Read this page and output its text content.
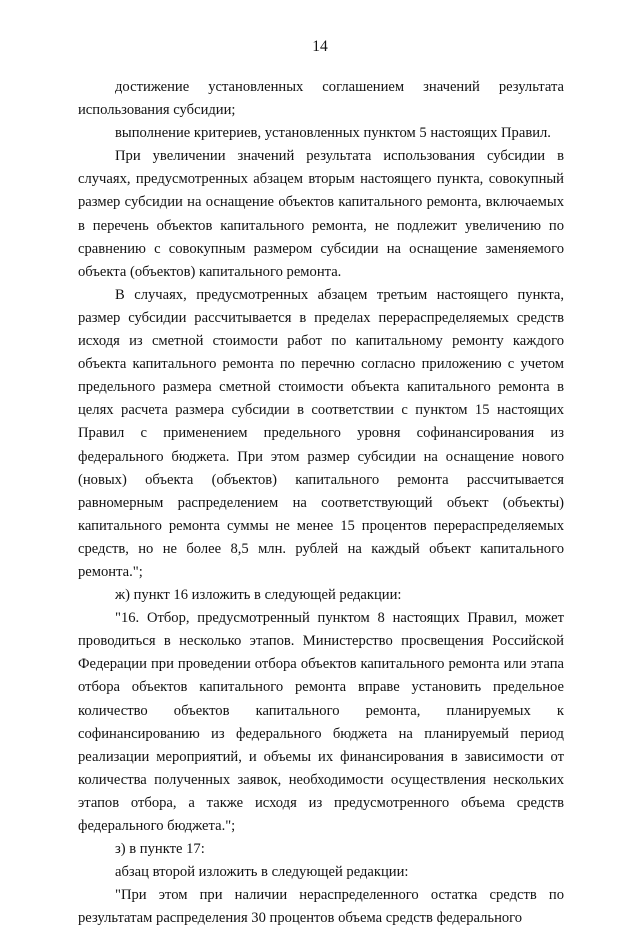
14

достижение установленных соглашением значений результата использования субсидии;

выполнение критериев, установленных пунктом 5 настоящих Правил.

При увеличении значений результата использования субсидии в случаях, предусмотренных абзацем вторым настоящего пункта, совокупный размер субсидии на оснащение объектов капитального ремонта, включаемых в перечень объектов капитального ремонта, не подлежит увеличению по сравнению с совокупным размером субсидии на оснащение заменяемого объекта (объектов) капитального ремонта.

В случаях, предусмотренных абзацем третьим настоящего пункта, размер субсидии рассчитывается в пределах перераспределяемых средств исходя из сметной стоимости работ по капитальному ремонту каждого объекта капитального ремонта по перечню согласно приложению с учетом предельного размера сметной стоимости объекта капитального ремонта в целях расчета размера субсидии в соответствии с пунктом 15 настоящих Правил с применением предельного уровня софинансирования из федерального бюджета. При этом размер субсидии на оснащение нового (новых) объекта (объектов) капитального ремонта рассчитывается равномерным распределением на соответствующий объект (объекты) капитального ремонта суммы не менее 15 процентов перераспределяемых средств, но не более 8,5 млн. рублей на каждый объект капитального ремонта.";

ж) пункт 16 изложить в следующей редакции:

"16. Отбор, предусмотренный пунктом 8 настоящих Правил, может проводиться в несколько этапов. Министерство просвещения Российской Федерации при проведении отбора объектов капитального ремонта или этапа отбора объектов капитального ремонта вправе установить предельное количество объектов капитального ремонта, планируемых к софинансированию из федерального бюджета на планируемый период реализации мероприятий, и объемы их финансирования в зависимости от количества полученных заявок, необходимости осуществления нескольких этапов отбора, а также исходя из предусмотренного объема средств федерального бюджета.";

з) в пункте 17:

абзац второй изложить в следующей редакции:

"При этом при наличии нераспределенного остатка средств по результатам распределения 30 процентов объема средств федерального
